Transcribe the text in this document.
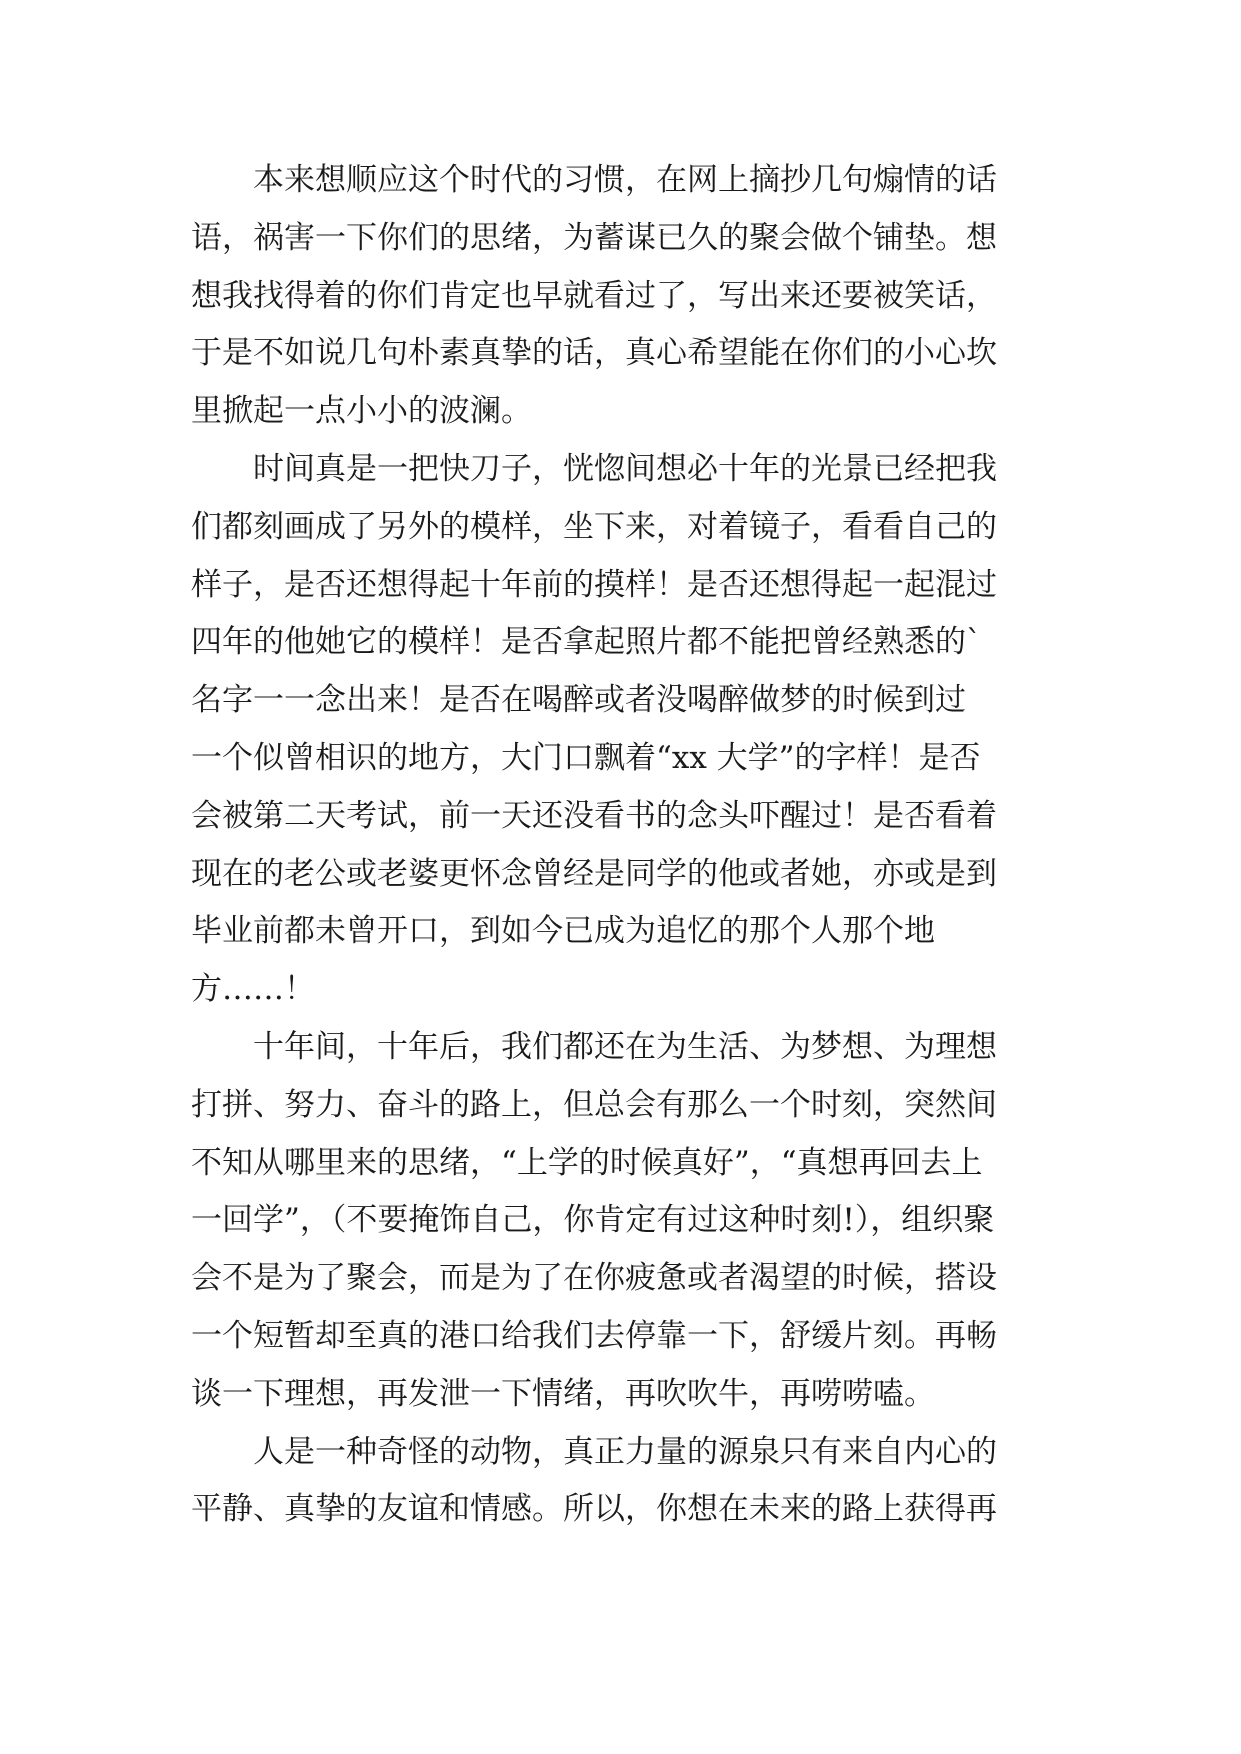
　　本来想顺应这个时代的习惯，在网上摘抄几句煽情的话
语，祸害一下你们的思绪，为蓄谋已久的聚会做个铺垫。想
想我找得着的你们肯定也早就看过了，写出来还要被笑话，
于是不如说几句朴素真挚的话，真心希望能在你们的小心坎
里掀起一点小小的波澜。
　　时间真是一把快刀子，恍惚间想必十年的光景已经把我
们都刻画成了另外的模样，坐下来，对着镜子，看看自己的
样子，是否还想得起十年前的摸样！是否还想得起一起混过
四年的他她它的模样！是否拿起照片都不能把曾经熟悉的`
名字一一念出来！是否在喝醉或者没喝醉做梦的时候到过
一个似曾相识的地方，大门口飘着“xx 大学”的字样！是否
会被第二天考试，前一天还没看书的念头吓醒过！是否看着
现在的老公或老婆更怀念曾经是同学的他或者她，亦或是到
毕业前都未曾开口，到如今已成为追忆的那个人那个地
方……！
　　十年间，十年后，我们都还在为生活、为梦想、为理想
打拼、努力、奋斗的路上，但总会有那么一个时刻，突然间
不知从哪里来的思绪，“上学的时候真好”，“真想再回去上
一回学”，（不要掩饰自己，你肯定有过这种时刻!），组织聚
会不是为了聚会，而是为了在你疲惫或者渴望的时候，搭设
一个短暂却至真的港口给我们去停靠一下，舒缓片刻。再畅
谈一下理想，再发泄一下情绪，再吹吹牛，再唠唠嗑。
　　人是一种奇怪的动物，真正力量的源泉只有来自内心的
平静、真挚的友谊和情感。所以，你想在未来的路上获得再
